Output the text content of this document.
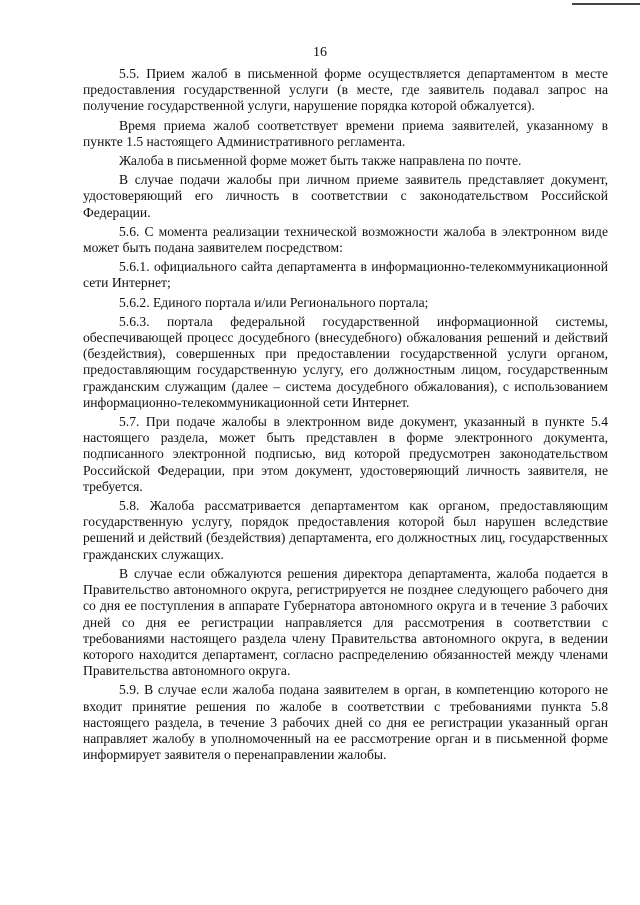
16

5.5. Прием жалоб в письменной форме осуществляется департаментом в месте предоставления государственной услуги (в месте, где заявитель подавал запрос на получение государственной услуги, нарушение порядка которой обжалуется).

Время приема жалоб соответствует времени приема заявителей, указанному в пункте 1.5 настоящего Административного регламента.

Жалоба в письменной форме может быть также направлена по почте.

В случае подачи жалобы при личном приеме заявитель представляет документ, удостоверяющий его личность в соответствии с законодательством Российской Федерации.

5.6. С момента реализации технической возможности жалоба в электронном виде может быть подана заявителем посредством:

5.6.1. официального сайта департамента в информационно-телекоммуникационной сети Интернет;

5.6.2. Единого портала и/или Регионального портала;

5.6.3. портала федеральной государственной информационной системы, обеспечивающей процесс досудебного (внесудебного) обжалования решений и действий (бездействия), совершенных при предоставлении государственной услуги органом, предоставляющим государственную услугу, его должностным лицом, государственным гражданским служащим (далее – система досудебного обжалования), с использованием информационно-телекоммуникационной сети Интернет.

5.7. При подаче жалобы в электронном виде документ, указанный в пункте 5.4 настоящего раздела, может быть представлен в форме электронного документа, подписанного электронной подписью, вид которой предусмотрен законодательством Российской Федерации, при этом документ, удостоверяющий личность заявителя, не требуется.

5.8. Жалоба рассматривается департаментом как органом, предоставляющим государственную услугу, порядок предоставления которой был нарушен вследствие решений и действий (бездействия) департамента, его должностных лиц, государственных гражданских служащих.

В случае если обжалуются решения директора департамента, жалоба подается в Правительство автономного округа, регистрируется не позднее следующего рабочего дня со дня ее поступления в аппарате Губернатора автономного округа и в течение 3 рабочих дней со дня ее регистрации направляется для рассмотрения в соответствии с требованиями настоящего раздела члену Правительства автономного округа, в ведении которого находится департамент, согласно распределению обязанностей между членами Правительства автономного округа.

5.9. В случае если жалоба подана заявителем в орган, в компетенцию которого не входит принятие решения по жалобе в соответствии с требованиями пункта 5.8 настоящего раздела, в течение 3 рабочих дней со дня ее регистрации указанный орган направляет жалобу в уполномоченный на ее рассмотрение орган и в письменной форме информирует заявителя о перенаправлении жалобы.
